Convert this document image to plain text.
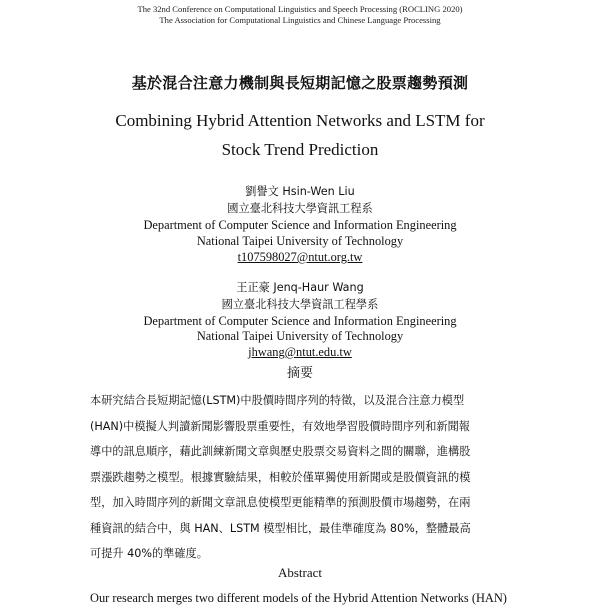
The 32nd Conference on Computational Linguistics and Speech Processing (ROCLING 2020)
The Association for Computational Linguistics and Chinese Language Processing
基於混合注意力機制與長短期記憶之股票趨勢預測
Combining Hybrid Attention Networks and LSTM for
Stock Trend Prediction
劉譽文 Hsin-Wen Liu
國立臺北科技大學資訊工程系
Department of Computer Science and Information Engineering
National Taipei University of Technology
t107598027@ntut.org.tw
王正豪 Jenq-Haur Wang
國立臺北科技大學資訊工程學系
Department of Computer Science and Information Engineering
National Taipei University of Technology
jhwang@ntut.edu.tw
摘要

本研究結合長短期記憶(LSTM)中股價時間序列的特徵，以及混合注意力模型

(HAN)中模擬人判讀新聞影響股票重要性，有效地學習股價時間序列和新聞報

導中的訊息順序，藉此訓練新聞文章與歷史股票交易資料之間的關聯，進構股

票漲跌趨勢之模型。根據實驗結果，相較於僅單獨使用新聞或是股價資訊的模

型，加入時間序列的新聞文章訊息使模型更能精準的預測股價市場趨勢，在兩

種資訊的結合中，與 HAN、LSTM 模型相比，最佳準確度為 80%，整體最高

可提升 40%的準確度。

Abstract
Our research merges two different models of the Hybrid Attention Networks (HAN)
